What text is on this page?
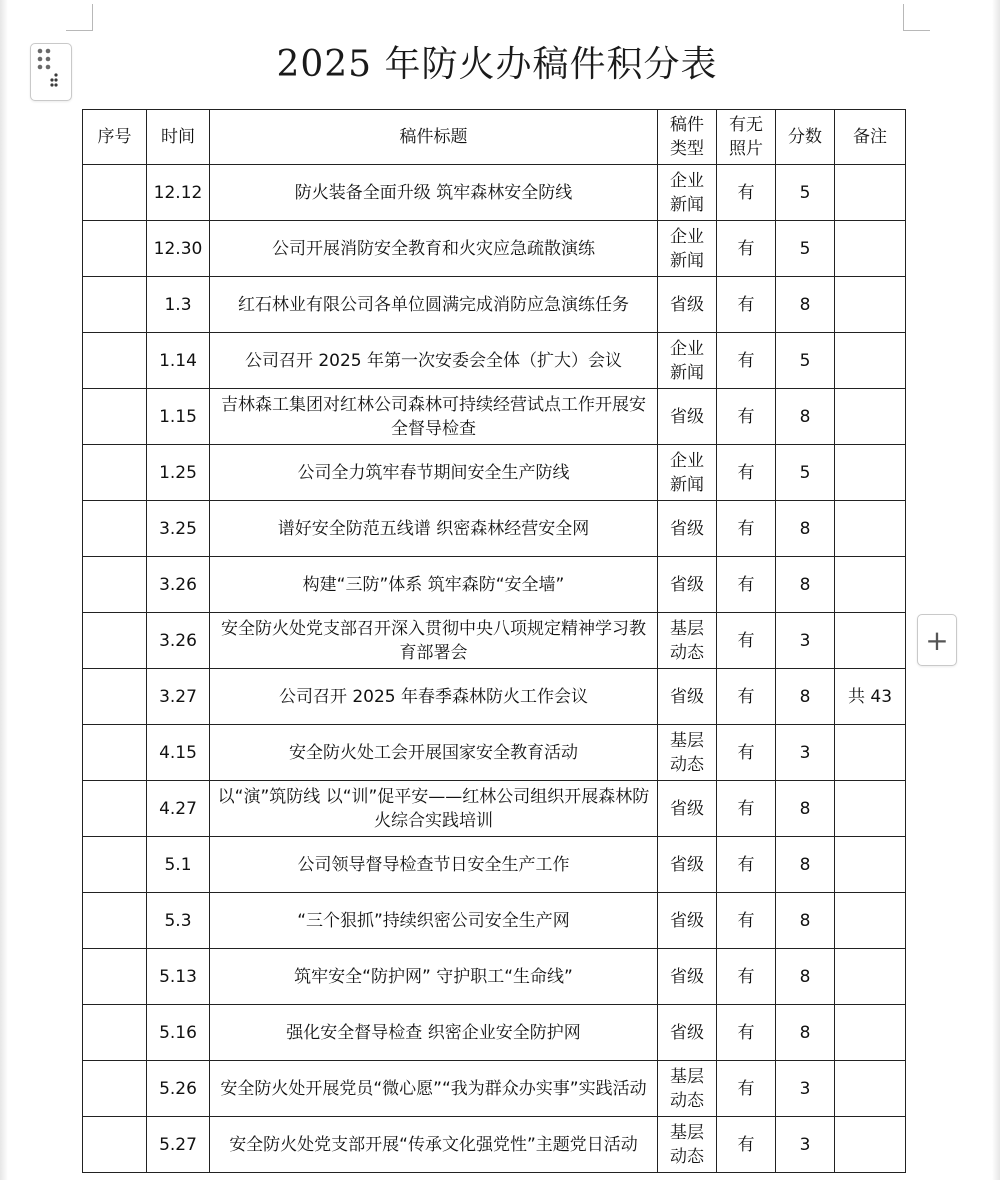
+
2025 年防火办稿件积分表
序号	时间	稿件标题	稿件类型	有无照片	分数	备注
	12.12	防火装备全面升级 筑牢森林安全防线	企业新闻	有	5	
	12.30	公司开展消防安全教育和火灾应急疏散演练	企业新闻	有	5	
	1.3	红石林业有限公司各单位圆满完成消防应急演练任务	省级	有	8	
	1.14	公司召开 2025 年第一次安委会全体（扩大）会议	企业新闻	有	5	
	1.15	吉林森工集团对红林公司森林可持续经营试点工作开展安全督导检查	省级	有	8	
	1.25	公司全力筑牢春节期间安全生产防线	企业新闻	有	5	
	3.25	谱好安全防范五线谱 织密森林经营安全网	省级	有	8	
	3.26	构建“三防”体系 筑牢森防“安全墙”	省级	有	8	
	3.26	安全防火处党支部召开深入贯彻中央八项规定精神学习教育部署会	基层动态	有	3	
	3.27	公司召开 2025 年春季森林防火工作会议	省级	有	8	共 43
	4.15	安全防火处工会开展国家安全教育活动	基层动态	有	3	
	4.27	以“演”筑防线 以“训”促平安——红林公司组织开展森林防火综合实践培训	省级	有	8	
	5.1	公司领导督导检查节日安全生产工作	省级	有	8	
	5.3	“三个狠抓”持续织密公司安全生产网	省级	有	8	
	5.13	筑牢安全“防护网” 守护职工“生命线”	省级	有	8	
	5.16	强化安全督导检查 织密企业安全防护网	省级	有	8	
	5.26	安全防火处开展党员“微心愿”“我为群众办实事”实践活动	基层动态	有	3	
	5.27	安全防火处党支部开展“传承文化强党性”主题党日活动	基层动态	有	3	
